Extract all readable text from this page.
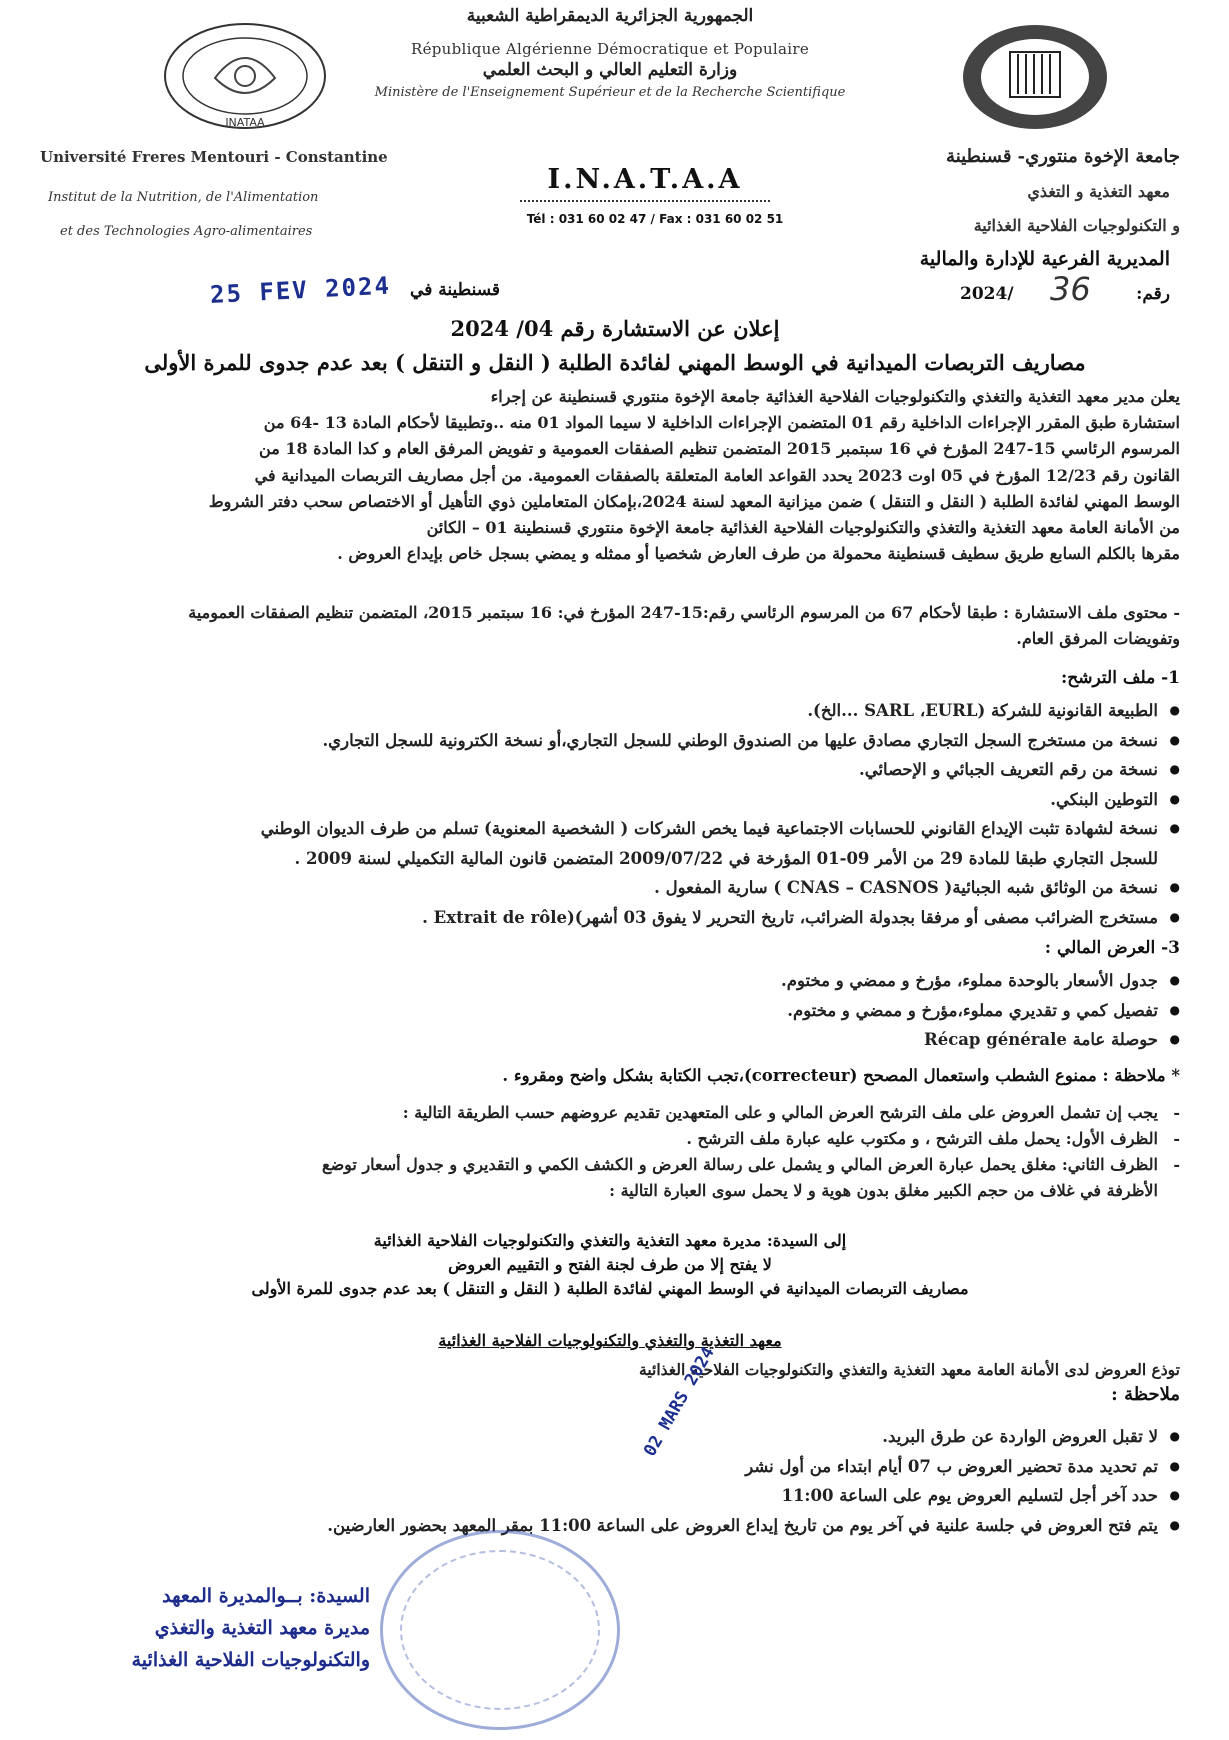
الجمهورية الجزائرية الديمقراطية الشعبية
République Algérienne Démocratique et Populaire
وزارة التعليم العالي و البحث العلمي
Ministère de l'Enseignement Supérieur et de la Recherche Scientifique
INATAA
Université Freres Mentouri - Constantine
Institut de la Nutrition, de l'Alimentation
et des Technologies Agro-alimentaires
I.N.A.T.A.A
Tél : 031 60 02 47 / Fax : 031 60 02 51
جامعة الإخوة منتوري- قسنطينة
معهد التغذية و التغذي
و التكنولوجيات الفلاحية الغذائية
المديرية الفرعية للإدارة والمالية
رقم:
36
2024/
قسنطينة في
25 FEV 2024
إعلان عن الاستشارة رقم 04/ 2024
مصاريف التربصات الميدانية في الوسط المهني لفائدة الطلبة ( النقل و التنقل ) بعد عدم جدوى للمرة الأولى
يعلن مدير معهد التغذية والتغذي والتكنولوجيات الفلاحية الغذائية جامعة الإخوة منتوري قسنطينة عن إجراء
استشارة طبق المقرر الإجراءات الداخلية رقم 01 المتضمن الإجراءات الداخلية لا سيما المواد 01 منه ..وتطبيقا لأحكام المادة 13 -64 من
المرسوم الرئاسي 15-247 المؤرخ في 16 سبتمبر 2015 المتضمن تنظيم الصفقات العمومية و تفويض المرفق العام و كدا المادة 18 من
القانون رقم 12/23 المؤرخ في 05 اوت 2023 يحدد القواعد العامة المتعلقة بالصفقات العمومية. من أجل مصاريف التربصات الميدانية في
الوسط المهني لفائدة الطلبة ( النقل و التنقل ) ضمن ميزانية المعهد لسنة 2024،بإمكان المتعاملين ذوي التأهيل أو الاختصاص سحب دفتر الشروط
من الأمانة العامة معهد التغذية والتغذي والتكنولوجيات الفلاحية الغذائية جامعة الإخوة منتوري قسنطينة 01 – الكائن
مقرها بالكلم السابع طريق سطيف قسنطينة محمولة من طرف العارض شخصيا أو ممثله و يمضي بسجل خاص بإيداع العروض .
- محتوى ملف الاستشارة : طبقا لأحكام 67 من المرسوم الرئاسي رقم:15-247 المؤرخ في: 16 سبتمبر 2015، المتضمن تنظيم الصفقات العمومية
وتفويضات المرفق العام.
1- ملف الترشح:
● الطبيعة القانونية للشركة (SARL ،EURL ...الخ).
● نسخة من مستخرج السجل التجاري مصادق عليها من الصندوق الوطني للسجل التجاري،أو نسخة الكترونية للسجل التجاري.
● نسخة من رقم التعريف الجبائي و الإحصائي.
● التوطين البنكي.
● نسخة لشهادة تثبت الإيداع القانوني للحسابات الاجتماعية فيما يخص الشركات ( الشخصية المعنوية) تسلم من طرف الديوان الوطني
للسجل التجاري طبقا للمادة 29 من الأمر 09-01 المؤرخة في 2009/07/22 المتضمن قانون المالية التكميلي لسنة 2009 .
● نسخة من الوثائق شبه الجبائية( CNAS – CASNOS ) سارية المفعول .
● مستخرج الضرائب مصفى أو مرفقا بجدولة الضرائب، تاريخ التحرير لا يفوق 03 أشهر)(Extrait de rôle .
3- العرض المالي :
● جدول الأسعار بالوحدة مملوء، مؤرخ و ممضي و مختوم.
● تفصيل كمي و تقديري مملوء،مؤرخ و ممضي و مختوم.
● حوصلة عامة Récap générale
* ملاحظة : ممنوع الشطب واستعمال المصحح (correcteur)،تجب الكتابة بشكل واضح ومقروء .
- يجب إن تشمل العروض على ملف الترشح العرض المالي و على المتعهدين تقديم عروضهم حسب الطريقة التالية :
- الظرف الأول: يحمل ملف الترشح ، و مكتوب عليه عبارة ملف الترشح .
- الظرف الثاني: مغلق يحمل عبارة العرض المالي و يشمل على رسالة العرض و الكشف الكمي و التقديري و جدول أسعار توضع
الأظرفة في غلاف من حجم الكبير مغلق بدون هوية و لا يحمل سوى العبارة التالية :
إلى السيدة: مديرة معهد التغذية والتغذي والتكنولوجيات الفلاحية الغذائية
لا يفتح إلا من طرف لجنة الفتح و التقييم العروض
مصاريف التربصات الميدانية في الوسط المهني لفائدة الطلبة ( النقل و التنقل ) بعد عدم جدوى للمرة الأولى
معهد التغذية والتغذي والتكنولوجيات الفلاحية الغذائية
توذع العروض لدى الأمانة العامة معهد التغذية والتغذي والتكنولوجيات الفلاحية الغذائية
ملاحظة :
● لا تقبل العروض الواردة عن طرق البريد.
● تم تحديد مدة تحضير العروض ب 07 أيام ابتداء من أول نشر
● حدد آخر أجل لتسليم العروض يوم على الساعة 11:00
● يتم فتح العروض في جلسة علنية في آخر يوم من تاريخ إيداع العروض على الساعة 11:00 بمقر المعهد بحضور العارضين.
02 MARS 2024
السيدة: بــوالمديرة المعهد
مديرة معهد التغذية والتغذي
والتكنولوجيات الفلاحية الغذائية
